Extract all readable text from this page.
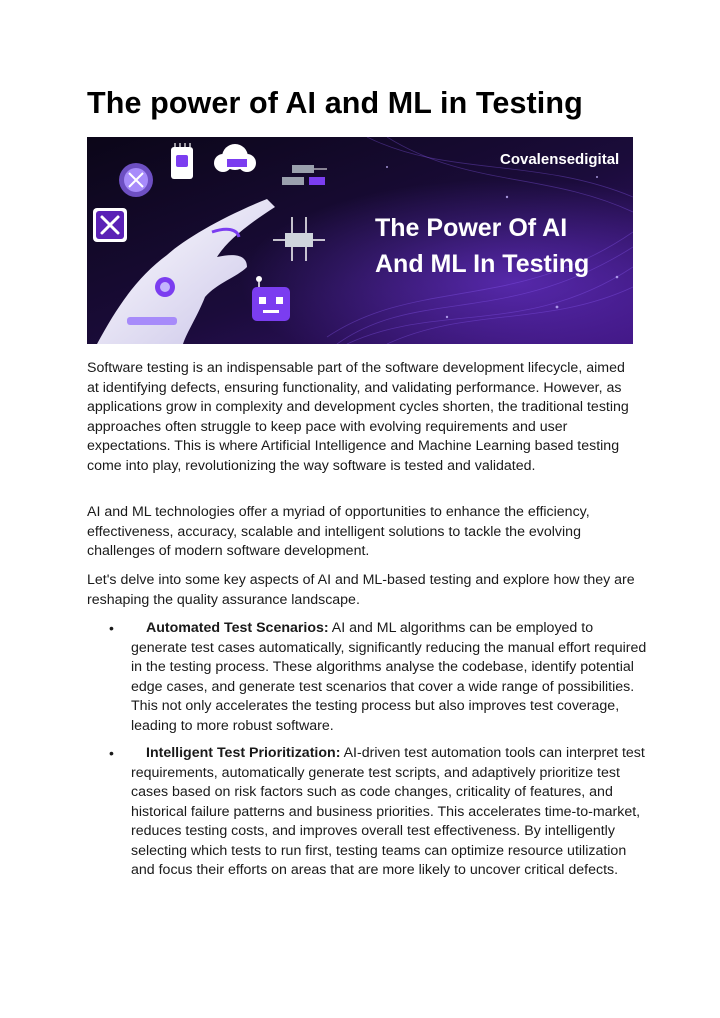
The power of AI and ML in Testing
Covalensedigital
The Power Of AI
And ML In Testing

Software testing is an indispensable part of the software development lifecycle, aimed at identifying defects, ensuring functionality, and validating performance. However, as applications grow in complexity and development cycles shorten, the traditional testing approaches often struggle to keep pace with evolving requirements and user expectations. This is where Artificial Intelligence and Machine Learning based testing come into play, revolutionizing the way software is tested and validated.

AI and ML technologies offer a myriad of opportunities to enhance the efficiency, effectiveness, accuracy, scalable and intelligent solutions to tackle the evolving challenges of modern software development.

Let's delve into some key aspects of AI and ML-based testing and explore how they are reshaping the quality assurance landscape.

• Automated Test Scenarios: AI and ML algorithms can be employed to generate test cases automatically, significantly reducing the manual effort required in the testing process. These algorithms analyse the codebase, identify potential edge cases, and generate test scenarios that cover a wide range of possibilities. This not only accelerates the testing process but also improves test coverage, leading to more robust software.
• Intelligent Test Prioritization: AI-driven test automation tools can interpret test requirements, automatically generate test scripts, and adaptively prioritize test cases based on risk factors such as code changes, criticality of features, and historical failure patterns and business priorities. This accelerates time-to-market, reduces testing costs, and improves overall test effectiveness. By intelligently selecting which tests to run first, testing teams can optimize resource utilization and focus their efforts on areas that are more likely to uncover critical defects.
